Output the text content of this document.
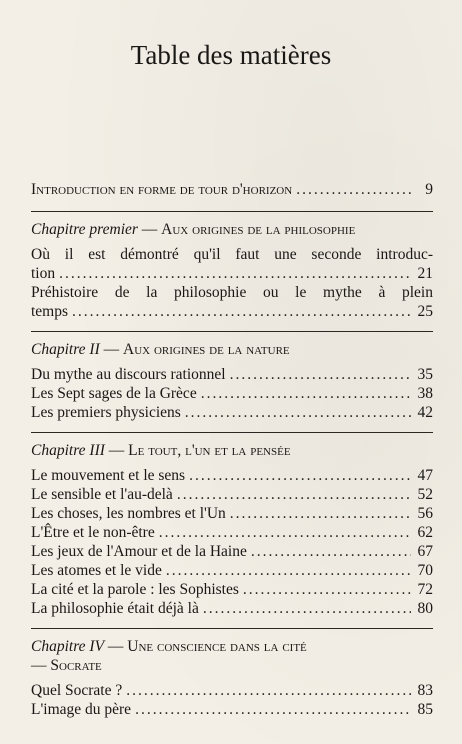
Table des matières
Introduction en forme de tour d'horizon .....	9
Chapitre premier — Aux origines de la philosophie
Où il est démontré qu'il faut une seconde introduc-
tion .....	21
Préhistoire de la philosophie ou le mythe à plein
temps .....	25
Chapitre II — Aux origines de la nature
Du mythe au discours rationnel .....	35
Les Sept sages de la Grèce .....	38
Les premiers physiciens .....	42
Chapitre III — Le tout, l'un et la pensée
Le mouvement et le sens .....	47
Le sensible et l'au-delà .....	52
Les choses, les nombres et l'Un .....	56
L'Être et le non-être .....	62
Les jeux de l'Amour et de la Haine .....	67
Les atomes et le vide .....	70
La cité et la parole : les Sophistes .....	72
La philosophie était déjà là .....	80
Chapitre IV — Une conscience dans la cité
— Socrate
Quel Socrate ? .....	83
L'image du père .....	85
